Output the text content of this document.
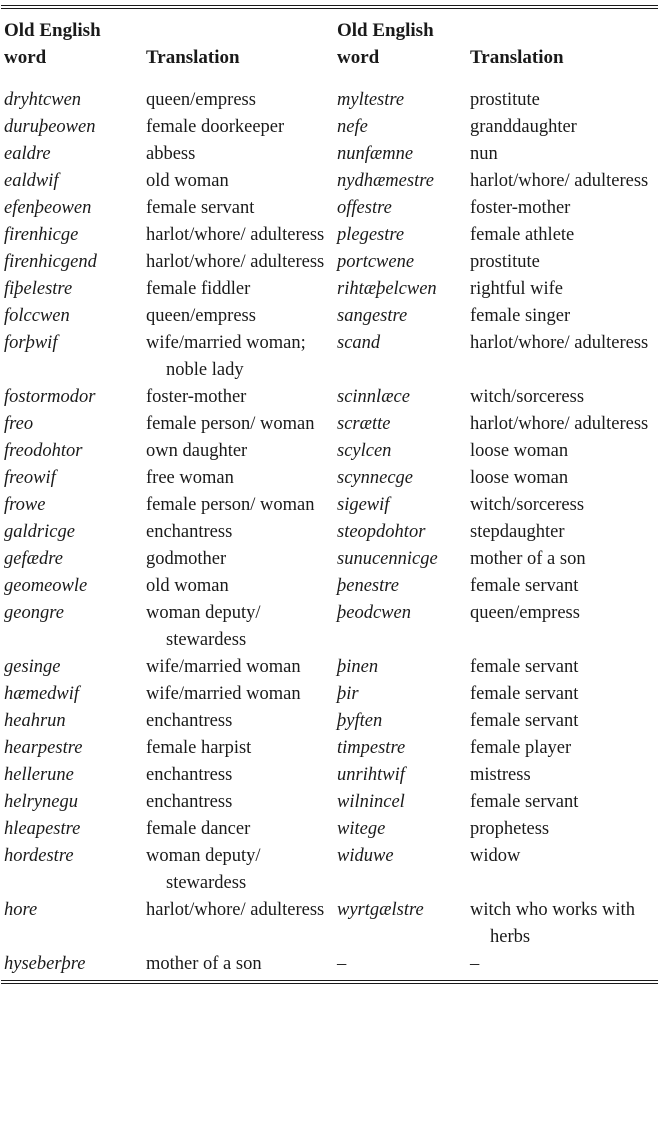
Old English word	Translation	Old English word	Translation
dryhtcwen	queen/empress	myltestre	prostitute
duruþeowen	female doorkeeper	nefe	granddaughter
ealdre	abbess	nunfæmne	nun
ealdwif	old woman	nydhæmestre	harlot/whore/ adulteress
efenþeowen	female servant	offestre	foster-mother
firenhicge	harlot/whore/ adulteress	plegestre	female athlete
firenhicgend	harlot/whore/ adulteress	portcwene	prostitute
fiþelestre	female fiddler	rihtæþelcwen	rightful wife
folccwen	queen/empress	sangestre	female singer
forþwif	wife/married woman; noble lady	scand	harlot/whore/ adulteress
fostormodor	foster-mother	scinnlæce	witch/sorceress
freo	female person/ woman	scrætte	harlot/whore/ adulteress
freodohtor	own daughter	scylcen	loose woman
freowif	free woman	scynnecge	loose woman
frowe	female person/ woman	sigewif	witch/sorceress
galdricge	enchantress	steopdohtor	stepdaughter
gefædre	godmother	sunucennicge	mother of a son
geomeowle	old woman	þenestre	female servant
geongre	woman deputy/ stewardess	þeodcwen	queen/empress
gesinge	wife/married woman	þinen	female servant
hæmedwif	wife/married woman	þir	female servant
heahrun	enchantress	þyften	female servant
hearpestre	female harpist	timpestre	female player
hellerune	enchantress	unrihtwif	mistress
helrynegu	enchantress	wilnincel	female servant
hleapestre	female dancer	witege	prophetess
hordestre	woman deputy/ stewardess	widuwe	widow
hore	harlot/whore/ adulteress	wyrtgælstre	witch who works with herbs
hyseberþre	mother of a son	–	–
